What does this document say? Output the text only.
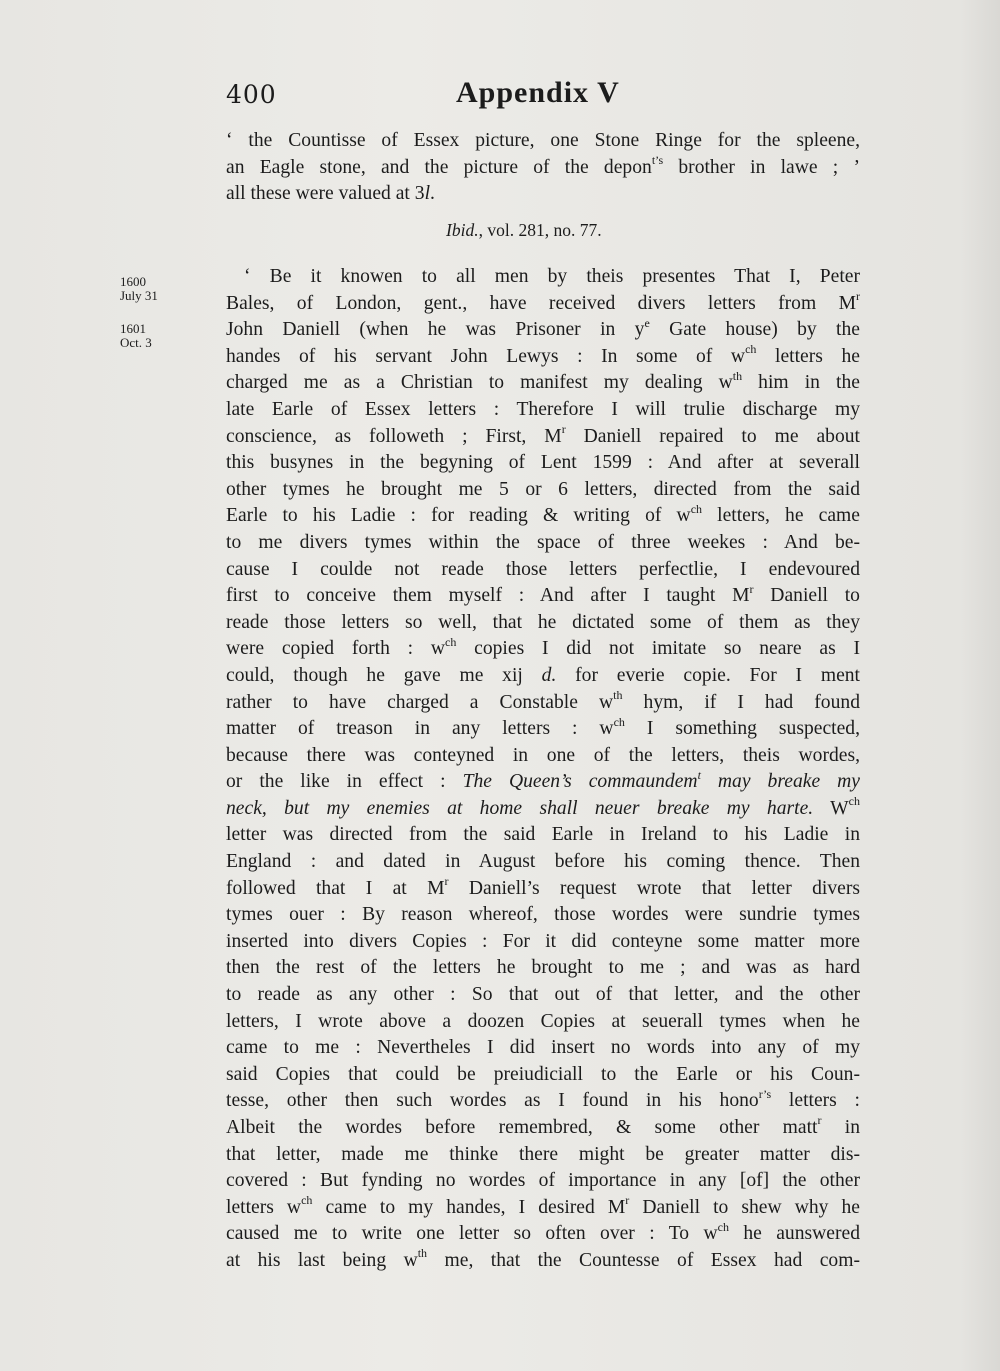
400	Appendix V
‘ the Countisse of Essex picture, one Stone Ringe for the spleene,
an Eagle stone, and the picture of the depon$^{t’s}$ brother in lawe ; ’
all these were valued at 3l.
Ibid., vol. 281, no. 77.
1600
July 31
1601
Oct. 3
‘ Be it knowen to all men by theis presentes That I, Peter
Bales, of London, gent., have received divers letters from $M^r$
John Daniell (when he was Prisoner in $y^e$ Gate house) by the
handes of his servant John Lewys : In some of $w^{ch}$ letters he
charged me as a Christian to manifest my dealing $w^{th}$ him in the
late Earle of Essex letters : Therefore I will trulie discharge my
conscience, as followeth ; First, $M^r$ Daniell repaired to me about
this busynes in the begyning of Lent 1599 : And after at severall
other tymes he brought me 5 or 6 letters, directed from the said
Earle to his Ladie : for reading & writing of $w^{ch}$ letters, he came
to me divers tymes within the space of three weekes : And be-
cause I coulde not reade those letters perfectlie, I endevoured
first to conceive them myself : And after I taught $M^r$ Daniell to
reade those letters so well, that he dictated some of them as they
were copied forth : $w^{ch}$ copies I did not imitate so neare as I
could, though he gave me xij d. for everie copie. For I ment
rather to have charged a Constable $w^{th}$ hym, if I had found
matter of treason in any letters : $w^{ch}$ I something suspected,
because there was conteyned in one of the letters, theis wordes,
or the like in effect : The Queen’s commaundem$^t$ may breake my
neck, but my enemies at home shall neuer breake my harte. $W^{ch}$
letter was directed from the said Earle in Ireland to his Ladie in
England : and dated in August before his coming thence. Then
followed that I at $M^r$ Daniell’s request wrote that letter divers
tymes ouer : By reason whereof, those wordes were sundrie tymes
inserted into divers Copies : For it did conteyne some matter more
then the rest of the letters he brought to me ; and was as hard
to reade as any other : So that out of that letter, and the other
letters, I wrote above a doozen Copies at seuerall tymes when he
came to me : Nevertheles I did insert no words into any of my
said Copies that could be preiudiciall to the Earle or his Coun-
tesse, other then such wordes as I found in his hono$^{r’s}$ letters :
Albeit the wordes before remembred, & some other matt$^r$ in
that letter, made me thinke there might be greater matter dis-
covered : But fynding no wordes of importance in any [of] the other
letters $w^{ch}$ came to my handes, I desired $M^r$ Daniell to shew why he
caused me to write one letter so often over : To $w^{ch}$ he aunswered
at his last being $w^{th}$ me, that the Countesse of Essex had com-
